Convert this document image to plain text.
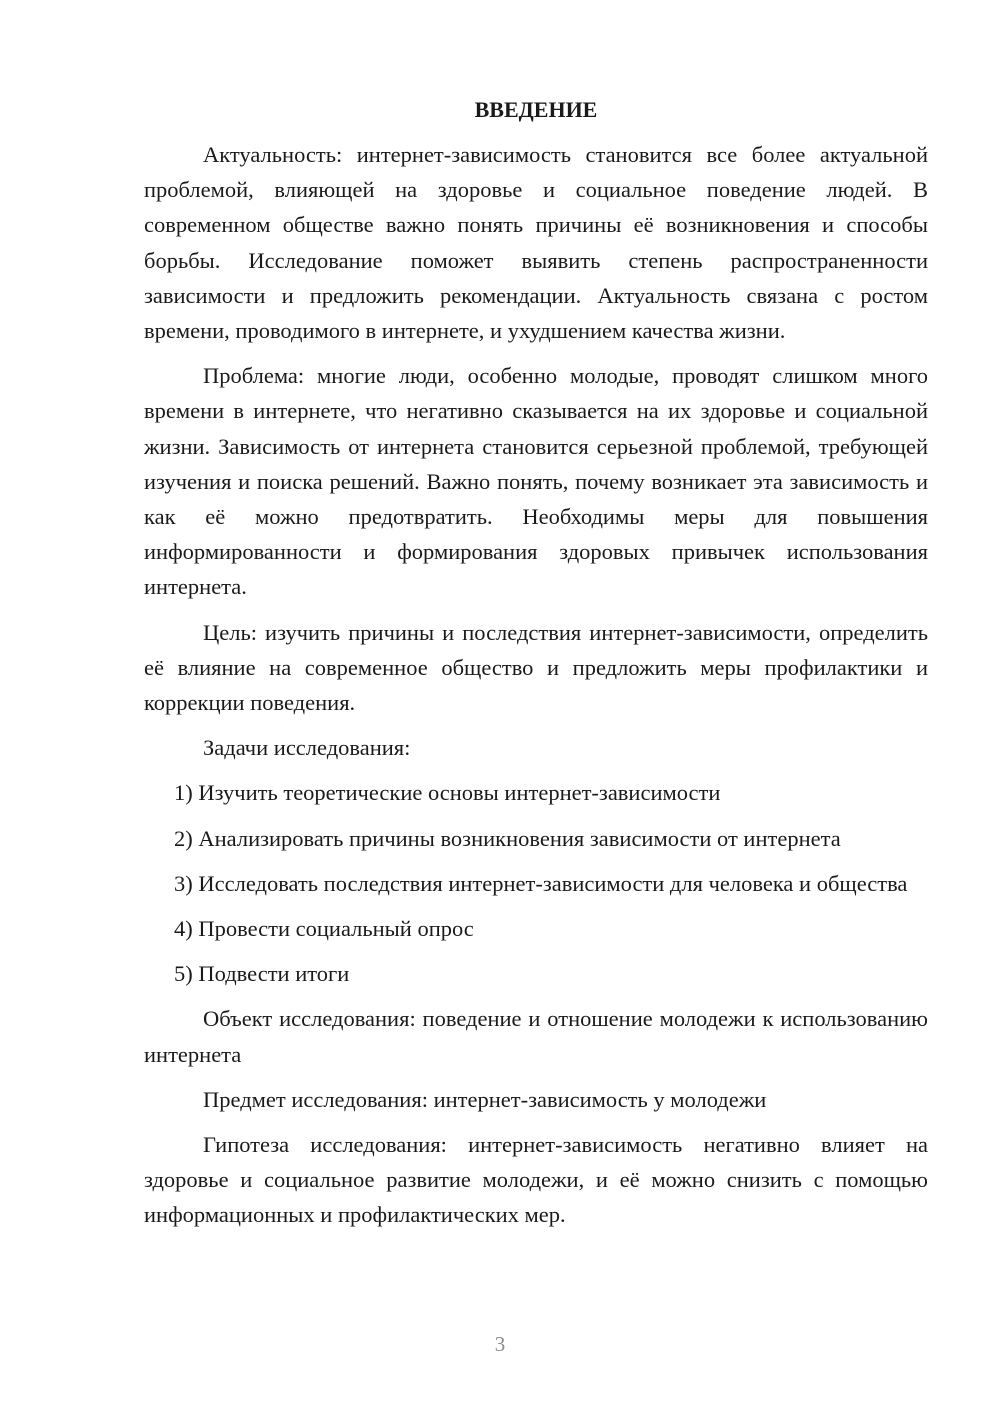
ВВЕДЕНИЕ

Актуальность: интернет-зависимость становится все более актуальной проблемой, влияющей на здоровье и социальное поведение людей. В современном обществе важно понять причины её возникновения и способы борьбы. Исследование поможет выявить степень распространенности зависимости и предложить рекомендации. Актуальность связана с ростом времени, проводимого в интернете, и ухудшением качества жизни.

Проблема: многие люди, особенно молодые, проводят слишком много времени в интернете, что негативно сказывается на их здоровье и социальной жизни. Зависимость от интернета становится серьезной проблемой, требующей изучения и поиска решений. Важно понять, почему возникает эта зависимость и как её можно предотвратить. Необходимы меры для повышения информированности и формирования здоровых привычек использования интернета.

Цель: изучить причины и последствия интернет-зависимости, определить её влияние на современное общество и предложить меры профилактики и коррекции поведения.

Задачи исследования:

1) Изучить теоретические основы интернет-зависимости

2) Анализировать причины возникновения зависимости от интернета

3) Исследовать последствия интернет-зависимости для человека и общества

4) Провести социальный опрос

5) Подвести итоги

Объект исследования: поведение и отношение молодежи к использованию интернета

Предмет исследования: интернет-зависимость у молодежи

Гипотеза исследования: интернет-зависимость негативно влияет на здоровье и социальное развитие молодежи, и её можно снизить с помощью информационных и профилактических мер.

3
